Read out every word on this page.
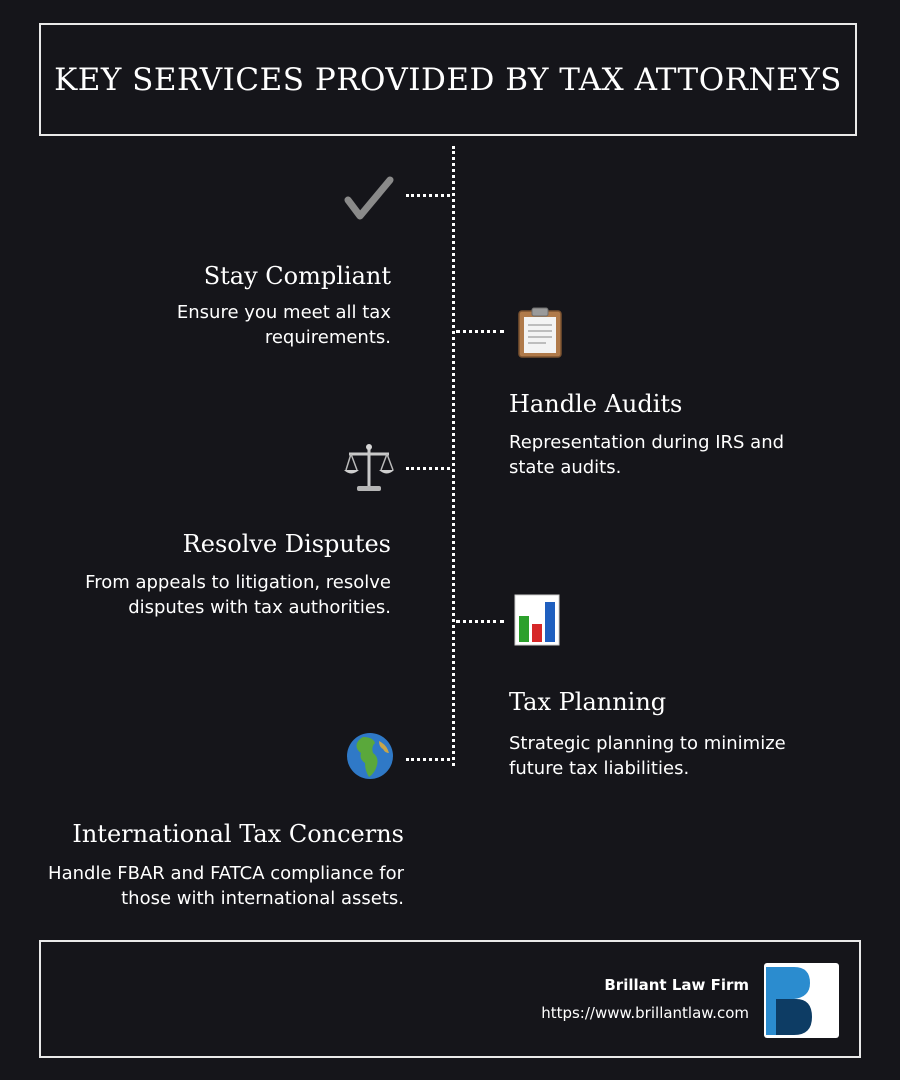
KEY SERVICES PROVIDED BY TAX ATTORNEYS
Stay Compliant
Ensure you meet all tax requirements.
Handle Audits
Representation during IRS and state audits.
Resolve Disputes
From appeals to litigation, resolve disputes with tax authorities.
Tax Planning
Strategic planning to minimize future tax liabilities.
International Tax Concerns
Handle FBAR and FATCA compliance for those with international assets.
Brillant Law Firm
https://www.brillantlaw.com
